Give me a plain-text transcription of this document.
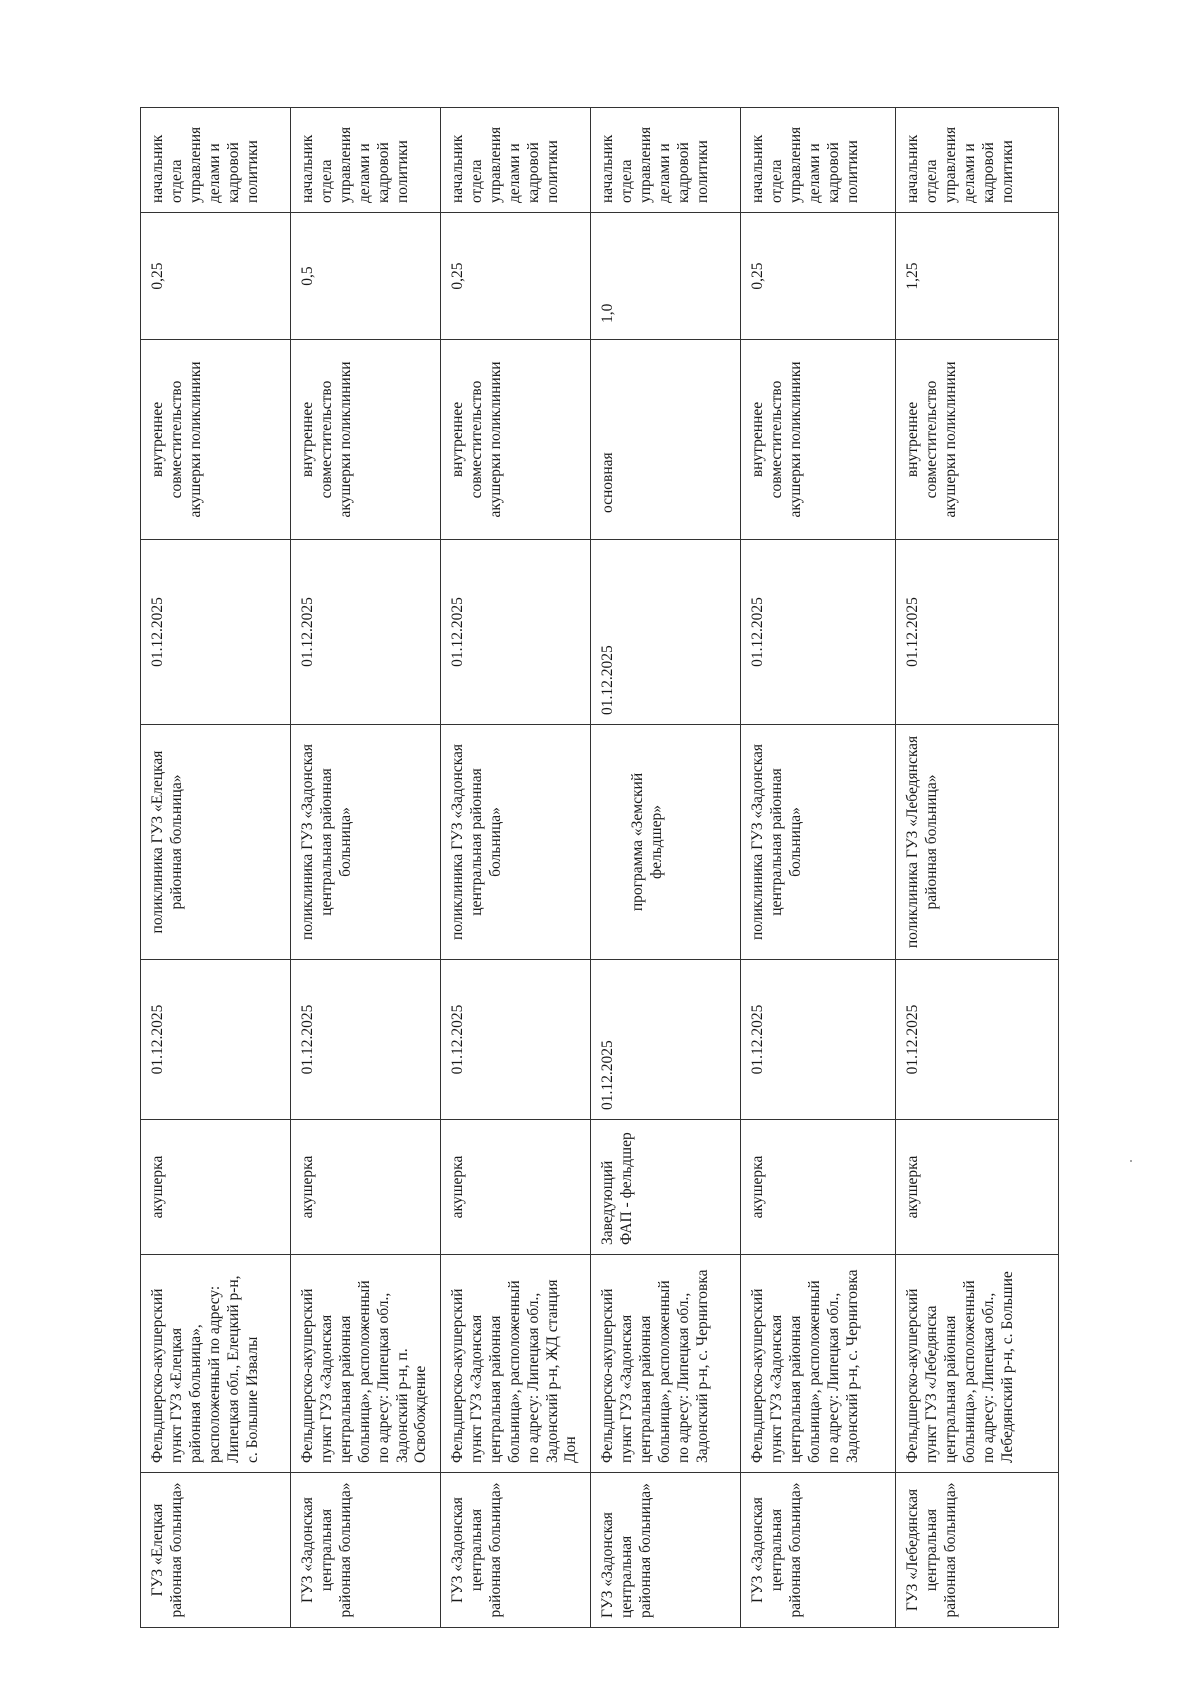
ГУЗ «Елецкая районная больница»	Фельдшерско-акушерский пункт ГУЗ «Елецкая районная больница», расположенный по адресу: Липецкая обл., Елецкий р-н, с. Большие Извалы	акушерка	01.12.2025	поликлиника ГУЗ «Елецкая районная больница»	01.12.2025	внутреннее совместительство акушерки поликлиники	0,25	начальник отдела управления делами и кадровой политики
ГУЗ «Задонская центральная районная больница»	Фельдшерско-акушерский пункт ГУЗ «Задонская центральная районная больница», расположенный по адресу: Липецкая обл., Задонский р-н, п. Освобождение	акушерка	01.12.2025	поликлиника ГУЗ «Задонская центральная районная больница»	01.12.2025	внутреннее совместительство акушерки поликлиники	0,5	начальник отдела управления делами и кадровой политики
ГУЗ «Задонская центральная районная больница»	Фельдшерско-акушерский пункт ГУЗ «Задонская центральная районная больница», расположенный по адресу: Липецкая обл., Задонский р-н, ЖД станция Дон	акушерка	01.12.2025	поликлиника ГУЗ «Задонская центральная районная больница»	01.12.2025	внутреннее совместительство акушерки поликлиники	0,25	начальник отдела управления делами и кадровой политики
ГУЗ «Задонская центральная районная больница»	Фельдшерско-акушерский пункт ГУЗ «Задонская центральная районная больница», расположенный по адресу: Липецкая обл., Задонский р-н, с. Черниговка	Заведующий ФАП - фельдшер	01.12.2025	программа «Земский фельдшер»	01.12.2025	основная	1,0	начальник отдела управления делами и кадровой политики
ГУЗ «Задонская центральная районная больница»	Фельдшерско-акушерский пункт ГУЗ «Задонская центральная районная больница», расположенный по адресу: Липецкая обл., Задонский р-н, с. Черниговка	акушерка	01.12.2025	поликлиника ГУЗ «Задонская центральная районная больница»	01.12.2025	внутреннее совместительство акушерки поликлиники	0,25	начальник отдела управления делами и кадровой политики
ГУЗ «Лебедянская центральная районная больница»	Фельдшерско-акушерский пункт ГУЗ «Лебедянска центральная районная больница», расположенный по адресу: Липецкая обл., Лебедянский р-н, с. Большие	акушерка	01.12.2025	поликлиника ГУЗ «Лебедянская районная больница»	01.12.2025	внутреннее совместительство акушерки поликлиники	1,25	начальник отдела управления делами и кадровой политики
